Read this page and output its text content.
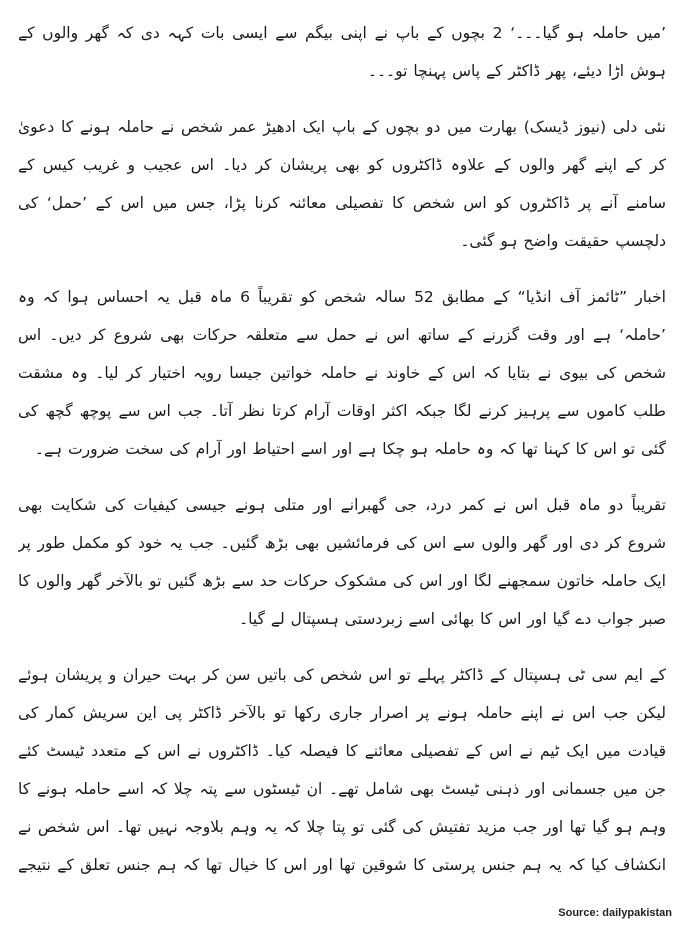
’میں حاملہ ہو گیا۔۔۔‘ 2 بچوں کے باپ نے اپنی بیگم سے ایسی بات کہہ دی کہ گھر والوں کے ہوش اڑا دیئے، پھر ڈاکٹر کے پاس پہنچا تو۔۔۔

نئی دلی (نیوز ڈیسک) بھارت میں دو بچوں کے باپ ایک ادھیڑ عمر شخص نے حاملہ ہونے کا دعویٰ کر کے اپنے گھر والوں کے علاوہ ڈاکٹروں کو بھی پریشان کر دیا۔ اس عجیب و غریب کیس کے سامنے آنے پر ڈاکٹروں کو اس شخص کا تفصیلی معائنہ کرنا پڑا، جس میں اس کے ’حمل‘ کی دلچسپ حقیقت واضح ہو گئی۔

اخبار ”ٹائمز آف انڈیا“ کے مطابق 52 سالہ شخص کو تقریباً 6 ماہ قبل یہ احساس ہوا کہ وہ ’حاملہ‘ ہے اور وقت گزرنے کے ساتھ اس نے حمل سے متعلقہ حرکات بھی شروع کر دیں۔ اس شخص کی بیوی نے بتایا کہ اس کے خاوند نے حاملہ خواتین جیسا رویہ اختیار کر لیا۔ وہ مشقت طلب کاموں سے پرہیز کرنے لگا جبکہ اکثر اوقات آرام کرتا نظر آتا۔ جب اس سے پوچھ گچھ کی گئی تو اس کا کہنا تھا کہ وہ حاملہ ہو چکا ہے اور اسے احتیاط اور آرام کی سخت ضرورت ہے۔

تقریباً دو ماہ قبل اس نے کمر درد، جی گھبرانے اور متلی ہونے جیسی کیفیات کی شکایت بھی شروع کر دی اور گھر والوں سے اس کی فرمائشیں بھی بڑھ گئیں۔ جب یہ خود کو مکمل طور پر ایک حاملہ خاتون سمجھنے لگا اور اس کی مشکوک حرکات حد سے بڑھ گئیں تو بالآخر گھر والوں کا صبر جواب دے گیا اور اس کا بھائی اسے زبردستی ہسپتال لے گیا۔

کے ایم سی ٹی ہسپتال کے ڈاکٹر پہلے تو اس شخص کی باتیں سن کر بہت حیران و پریشان ہوئے لیکن جب اس نے اپنے حاملہ ہونے پر اصرار جاری رکھا تو بالآخر ڈاکٹر پی این سریش کمار کی قیادت میں ایک ٹیم نے اس کے تفصیلی معائنے کا فیصلہ کیا۔ ڈاکٹروں نے اس کے متعدد ٹیسٹ کئے جن میں جسمانی اور ذہنی ٹیسٹ بھی شامل تھے۔ ان ٹیسٹوں سے پتہ چلا کہ اسے حاملہ ہونے کا وہم ہو گیا تھا اور جب مزید تفتیش کی گئی تو پتا چلا کہ یہ وہم بلاوجہ نہیں تھا۔ اس شخص نے انکشاف کیا کہ یہ ہم جنس پرستی کا شوقین تھا اور اس کا خیال تھا کہ ہم جنس تعلق کے نتیجے

Source: dailypakistan
